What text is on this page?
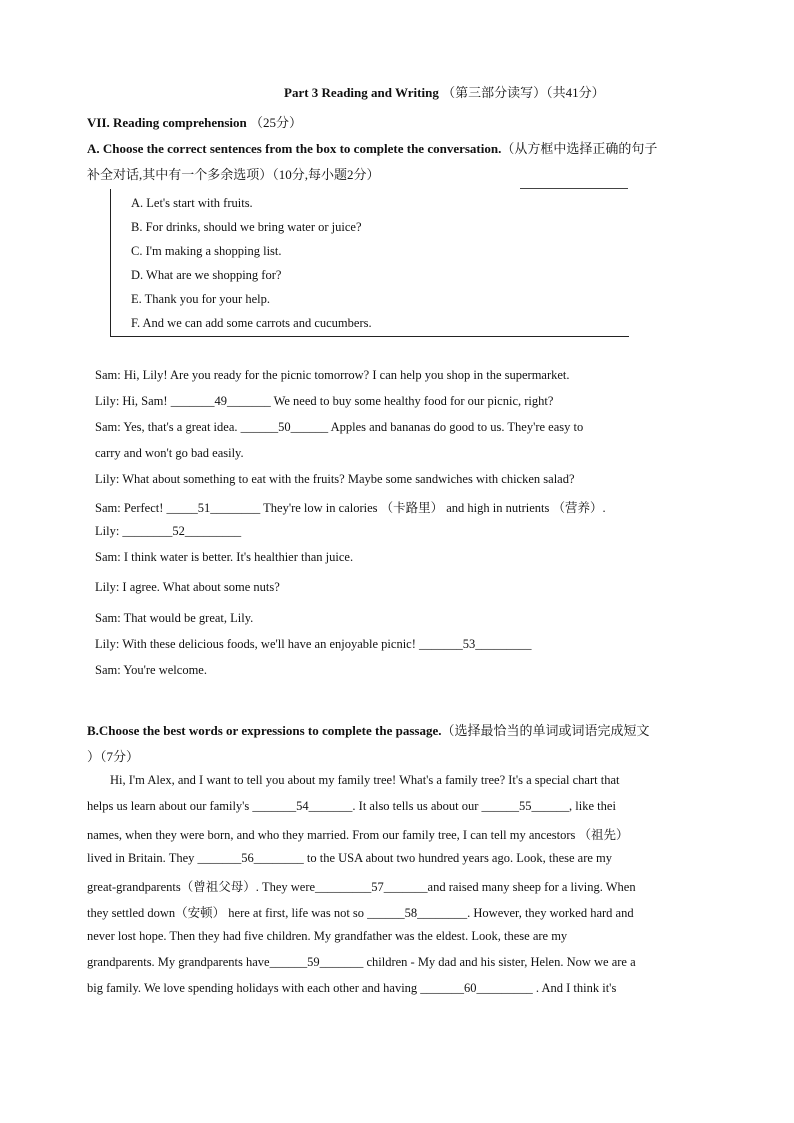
Part 3 Reading and Writing （第三部分读写）（共41分）
VII. Reading comprehension （25分）
A. Choose the correct sentences from the box to complete the conversation.（从方框中选择正确的句子
补全对话,其中有一个多余选项）（10分,每小题2分）
A. Let's start with fruits.
B. For drinks, should we bring water or juice?
C. I'm making a shopping list.
D. What are we shopping for?
E. Thank you for your help.
F. And we can add some carrots and cucumbers.
Sam: Hi, Lily! Are you ready for the picnic tomorrow? I can help you shop in the supermarket.
Lily: Hi, Sam! _______49_______ We need to buy some healthy food for our picnic, right?
Sam: Yes, that's a great idea. ______50______ Apples and bananas do good to us. They're easy to
carry and won't go bad easily.
Lily: What about something to eat with the fruits? Maybe some sandwiches with chicken salad?
Sam: Perfect! _____51________ They're low in calories （卡路里） and high in nutrients （营养）.
Lily: ________52_________
Sam: I think water is better. It's healthier than juice.
Lily: I agree. What about some nuts?
Sam: That would be great, Lily.
Lily: With these delicious foods, we'll have an enjoyable picnic! _______53_________
Sam: You're welcome.
B.Choose the best words or expressions to complete the passage.（选择最恰当的单词或词语完成短文
）（7分）
Hi, I'm Alex, and I want to tell you about my family tree! What's a family tree? It's a special chart that
helps us learn about our family's _______54_______. It also tells us about our ______55______, like thei
names, when they were born, and who they married. From our family tree, I can tell my ancestors （祖先）
lived in Britain. They _______56________ to the USA about two hundred years ago. Look, these are my
great-grandparents（曾祖父母）. They were_________57_______and raised many sheep for a living. When
they settled down（安顿） here at first, life was not so ______58________. However, they worked hard and
never lost hope. Then they had five children. My grandfather was the eldest. Look, these are my
grandparents. My grandparents have______59_______ children - My dad and his sister, Helen. Now we are a
big family. We love spending holidays with each other and having _______60_________ . And I think it's
